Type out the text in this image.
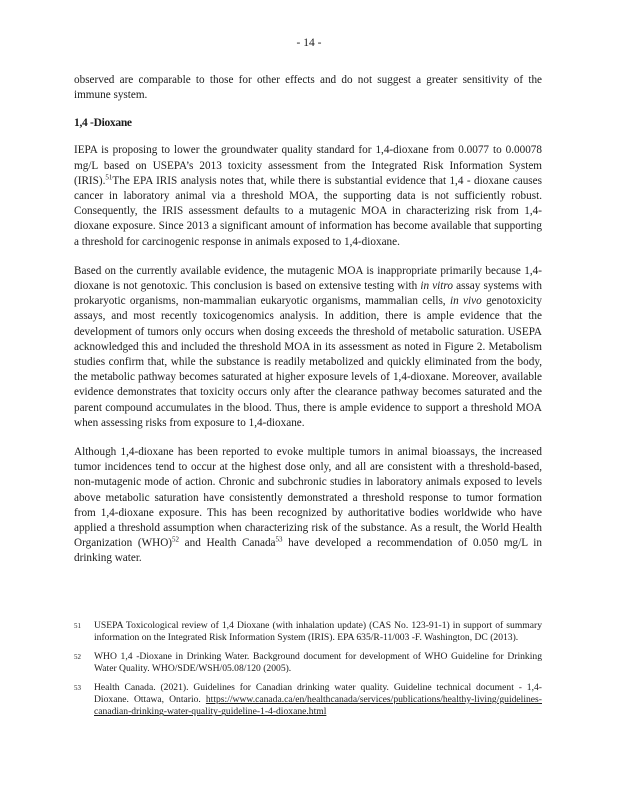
- 14 -

observed are comparable to those for other effects and do not suggest a greater sensitivity of the immune system.

1,4 -Dioxane

IEPA is proposing to lower the groundwater quality standard for 1,4-dioxane from 0.0077 to 0.00078 mg/L based on USEPA’s 2013 toxicity assessment from the Integrated Risk Information System (IRIS).$^{51}$The EPA IRIS analysis notes that, while there is substantial evidence that 1,4 - dioxane causes cancer in laboratory animal via a threshold MOA, the supporting data is not sufficiently robust. Consequently, the IRIS assessment defaults to a mutagenic MOA in characterizing risk from 1,4-dioxane exposure. Since 2013 a significant amount of information has become available that supporting a threshold for carcinogenic response in animals exposed to 1,4-dioxane.

Based on the currently available evidence, the mutagenic MOA is inappropriate primarily because 1,4-dioxane is not genotoxic. This conclusion is based on extensive testing with in vitro assay systems with prokaryotic organisms, non-mammalian eukaryotic organisms, mammalian cells, in vivo genotoxicity assays, and most recently toxicogenomics analysis. In addition, there is ample evidence that the development of tumors only occurs when dosing exceeds the threshold of metabolic saturation. USEPA acknowledged this and included the threshold MOA in its assessment as noted in Figure 2. Metabolism studies confirm that, while the substance is readily metabolized and quickly eliminated from the body, the metabolic pathway becomes saturated at higher exposure levels of 1,4-dioxane. Moreover, available evidence demonstrates that toxicity occurs only after the clearance pathway becomes saturated and the parent compound accumulates in the blood. Thus, there is ample evidence to support a threshold MOA when assessing risks from exposure to 1,4-dioxane.

Although 1,4-dioxane has been reported to evoke multiple tumors in animal bioassays, the increased tumor incidences tend to occur at the highest dose only, and all are consistent with a threshold-based, non-mutagenic mode of action. Chronic and subchronic studies in laboratory animals exposed to levels above metabolic saturation have consistently demonstrated a threshold response to tumor formation from 1,4-dioxane exposure. This has been recognized by authoritative bodies worldwide who have applied a threshold assumption when characterizing risk of the substance. As a result, the World Health Organization (WHO)$^{52}$ and Health Canada$^{53}$ have developed a recommendation of 0.050 mg/L in drinking water.

51	USEPA Toxicological review of 1,4 Dioxane (with inhalation update) (CAS No. 123-91-1) in support of summary information on the Integrated Risk Information System (IRIS). EPA 635/R-11/003 -F. Washington, DC (2013).
52	WHO 1,4 -Dioxane in Drinking Water. Background document for development of WHO Guideline for Drinking Water Quality. WHO/SDE/WSH/05.08/120 (2005).
53	Health Canada. (2021). Guidelines for Canadian drinking water quality. Guideline technical document - 1,4-Dioxane. Ottawa, Ontario. https://www.canada.ca/en/healthcanada/services/publications/healthy-living/guidelines-canadian-drinking-water-quality-guideline-1-4-dioxane.html
